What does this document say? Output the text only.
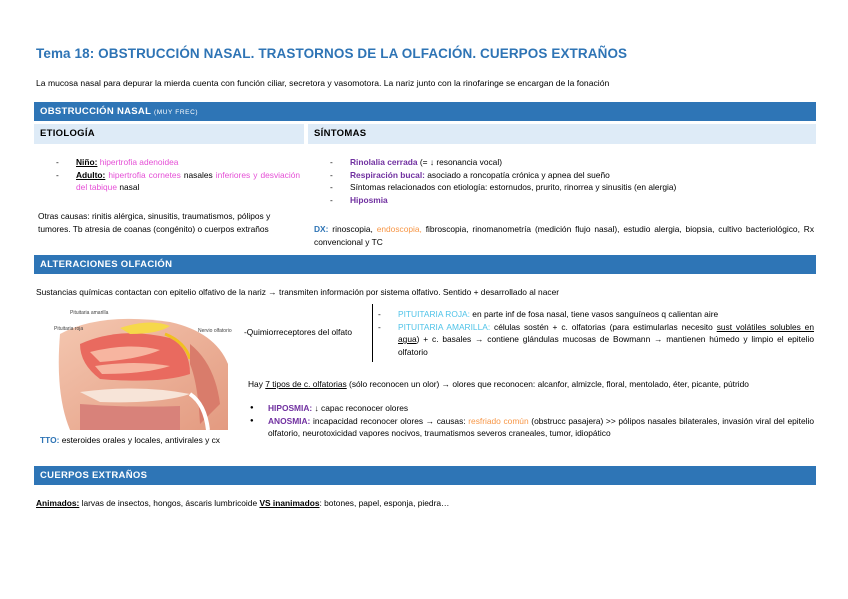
Tema 18: OBSTRUCCIÓN NASAL. TRASTORNOS DE LA OLFACIÓN. CUERPOS EXTRAÑOS
La mucosa nasal para depurar la mierda cuenta con función ciliar, secretora y vasomotora. La nariz junto con la rinofaringe se encargan de la fonación
OBSTRUCCIÓN NASAL (MUY FREC)
ETIOLOGÍA	SÍNTOMAS
- Niño: hipertrofia adenoidea
- Adulto: hipertrofia cornetes nasales inferiores y desviación del tabique nasal
Otras causas: rinitis alérgica, sinusitis, traumatismos, pólipos y tumores. Tb atresia de coanas (congénito) o cuerpos extraños
- Rinolalia cerrada (= ↓ resonancia vocal)
- Respiración bucal: asociado a roncopatía crónica y apnea del sueño
- Síntomas relacionados con etiología: estornudos, prurito, rinorrea y sinusitis (en alergia)
- Hiposmia
DX: rinoscopia, endoscopia, fibroscopia, rinomanometría (medición flujo nasal), estudio alergia, biopsia, cultivo bacteriológico, Rx convencional y TC
ALTERACIONES OLFACIÓN
Sustancias químicas contactan con epitelio olfativo de la nariz → transmiten información por sistema olfativo. Sentido + desarrollado al nacer
Pituitaria amarilla
Pituitaria roja	Nervio olfatorio -Quimiorreceptores del olfato
- PITUITARIA ROJA: en parte inf de fosa nasal, tiene vasos sanguíneos q calientan aire
- PITUITARIA AMARILLA: células sostén + c. olfatorias (para estimularlas necesito sust volátiles solubles en agua) + c. basales → contiene glándulas mucosas de Bowmann → mantienen húmedo y limpio el epitelio olfatorio
Hay 7 tipos de c. olfatorias (sólo reconocen un olor) → olores que reconocen: alcanfor, almizcle, floral, mentolado, éter, picante, pútrido
● HIPOSMIA: ↓ capac reconocer olores
● ANOSMIA: incapacidad reconocer olores → causas: resfriado común (obstrucc pasajera) >> pólipos nasales bilaterales, invasión viral del epitelio olfatorio, neurotoxicidad vapores nocivos, traumatismos severos craneales, tumor, idiopático
TTO: esteroides orales y locales, antivirales y cx
CUERPOS EXTRAÑOS
Animados: larvas de insectos, hongos, áscaris lumbricoide VS inanimados: botones, papel, esponja, piedra…
